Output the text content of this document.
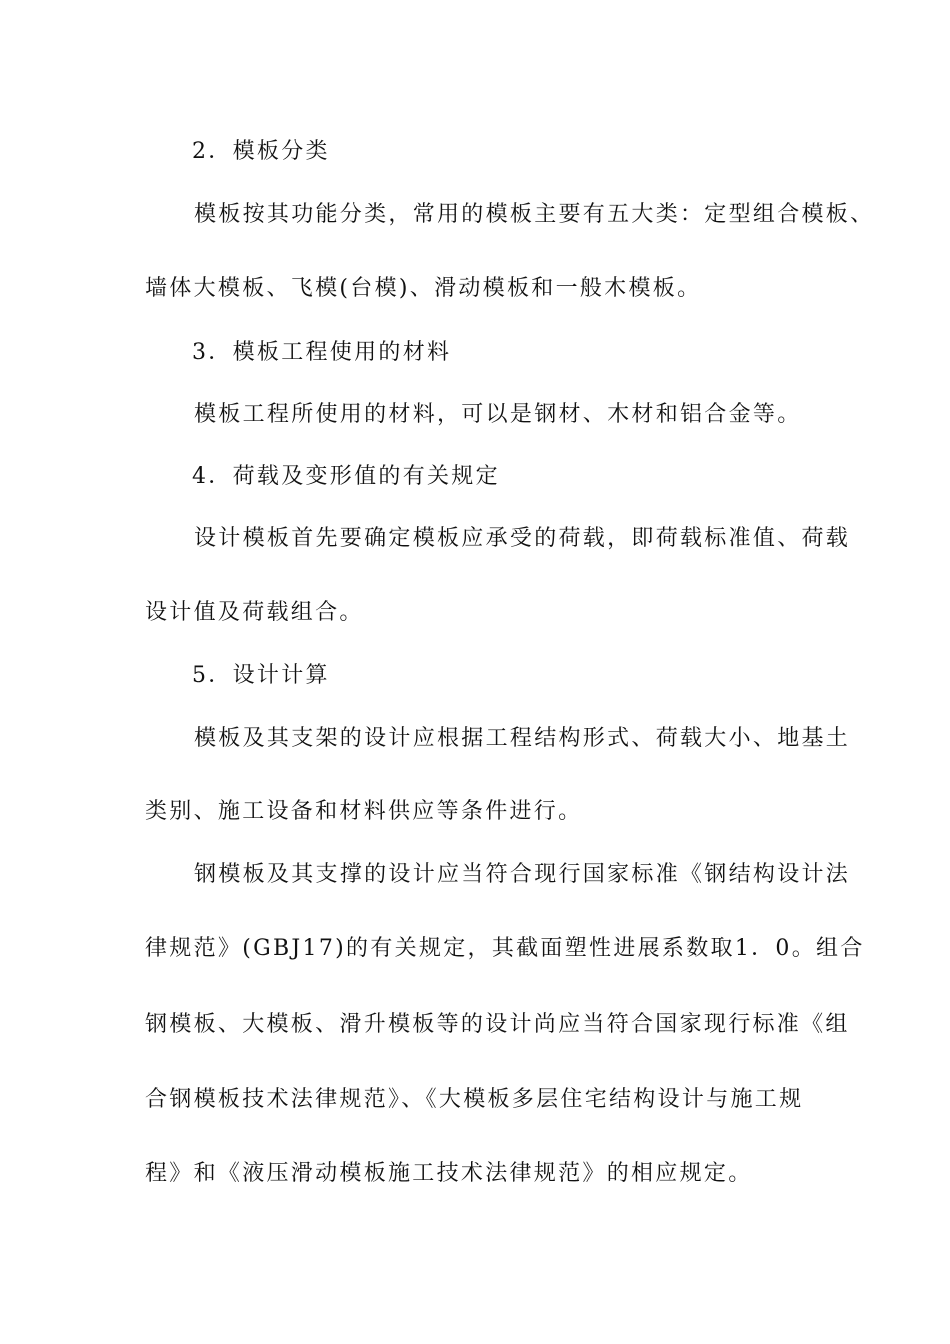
2．模板分类
模板按其功能分类，常用的模板主要有五大类：定型组合模板、
墙体大模板、飞模(台模)、滑动模板和一般木模板。
3．模板工程使用的材料
模板工程所使用的材料，可以是钢材、木材和铝合金等。
4．荷载及变形值的有关规定
设计模板首先要确定模板应承受的荷载，即荷载标准值、荷载
设计值及荷载组合。
5．设计计算
模板及其支架的设计应根据工程结构形式、荷载大小、地基土
类别、施工设备和材料供应等条件进行。
钢模板及其支撑的设计应当符合现行国家标准《钢结构设计法
律规范》(GBJ17)的有关规定，其截面塑性进展系数取1．0。组合
钢模板、大模板、滑升模板等的设计尚应当符合国家现行标准《组
合钢模板技术法律规范》、《大模板多层住宅结构设计与施工规
程》和《液压滑动模板施工技术法律规范》的相应规定。
